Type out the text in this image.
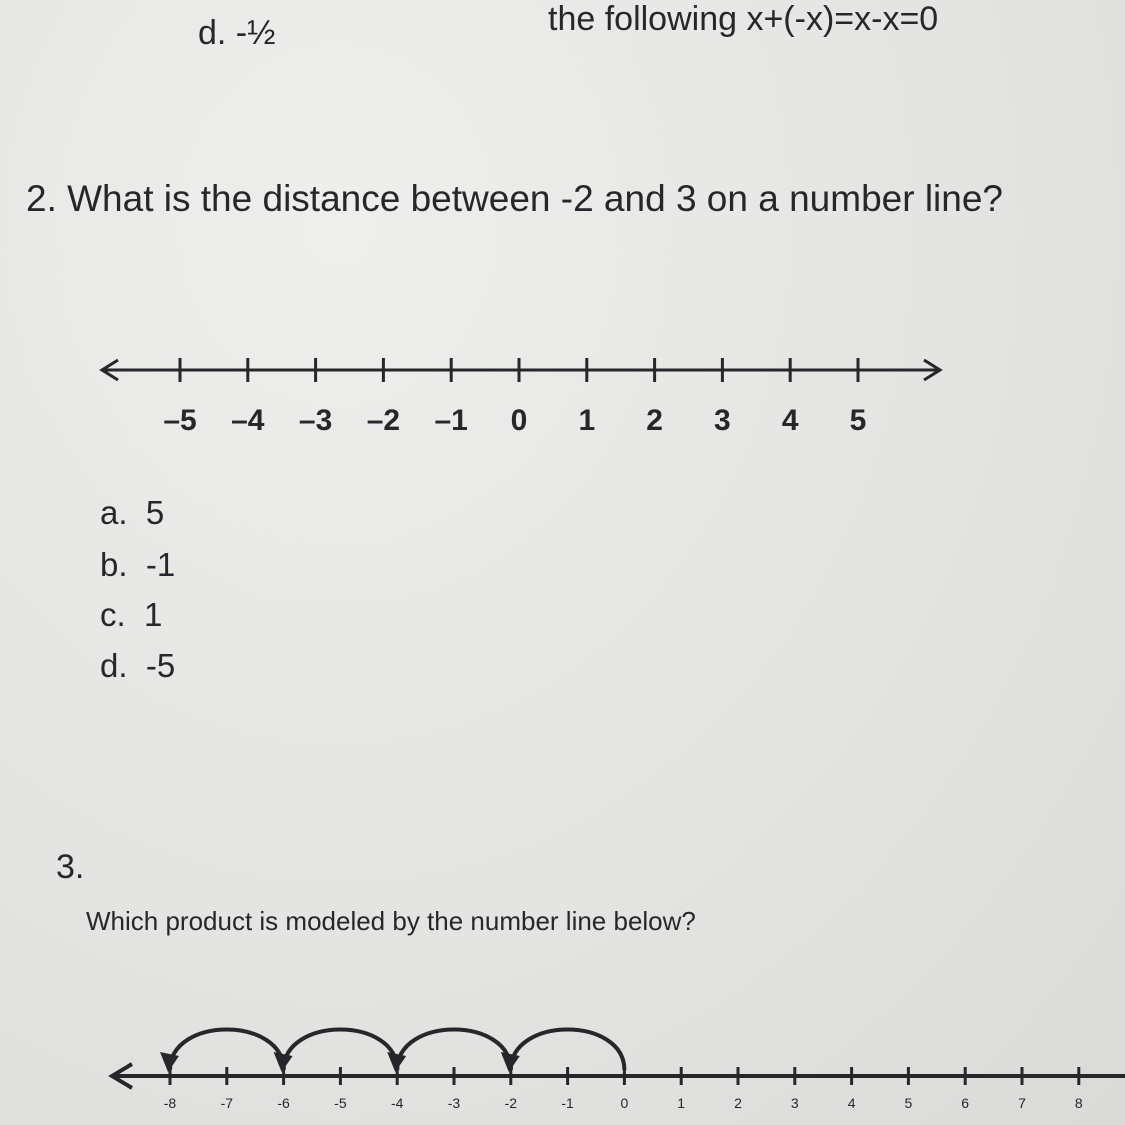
d. -½	the following x+(-x)=x-x=0
2. What is the distance between -2 and 3 on a number line?
–5 –4 –3 –2 –1 0 1 2 3 4 5
a. 5
b. -1
c. 1
d. -5
3.
Which product is modeled by the number line below?
-8	-7	-6	-5	-4	-3	-2	-1	0	1	2	3	4	5	6	7	8
